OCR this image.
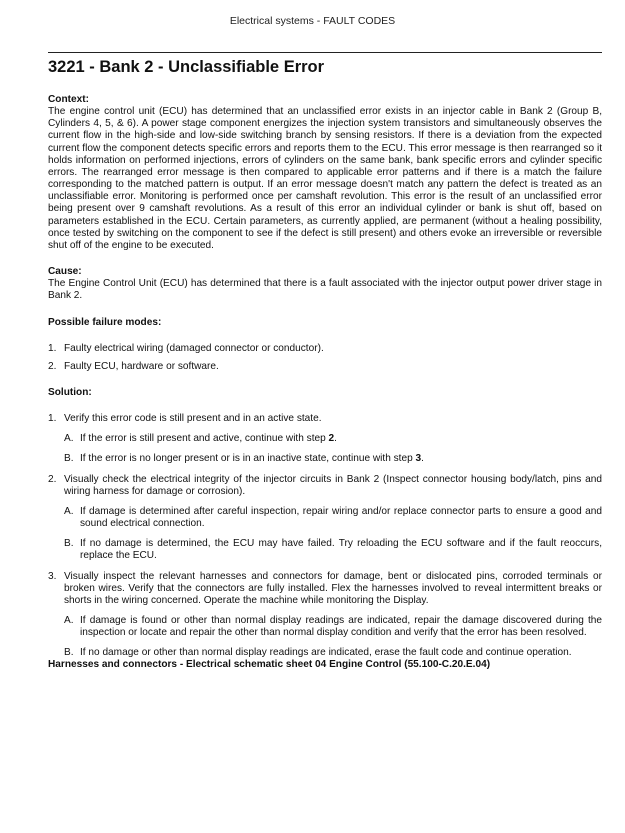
Electrical systems - FAULT CODES
3221 - Bank 2 - Unclassifiable Error

Context:

The engine control unit (ECU) has determined that an unclassified error exists in an injector cable in Bank 2 (Group B, Cylinders 4, 5, & 6). A power stage component energizes the injection system transistors and simultaneously observes the current flow in the high-side and low-side switching branch by sensing resistors. If there is a deviation from the expected current flow the component detects specific errors and reports them to the ECU. This error message is then rearranged so it holds information on performed injections, errors of cylinders on the same bank, bank specific errors and cylinder specific errors. The rearranged error message is then compared to applicable error patterns and if there is a match the failure corresponding to the matched pattern is output. If an error message doesn't match any pattern the defect is treated as an unclassifiable error. Monitoring is performed once per camshaft revolution. This error is the result of an unclassified error being present over 9 camshaft revolutions. As a result of this error an individual cylinder or bank is shut off, based on parameters established in the ECU. Certain parameters, as currently applied, are permanent (without a healing possibility, once tested by switching on the component to see if the defect is still present) and others evoke an irreversible or reversible shut off of the engine to be executed.

Cause:

The Engine Control Unit (ECU) has determined that there is a fault associated with the injector output power driver stage in Bank 2.

Possible failure modes:

1. Faulty electrical wiring (damaged connector or conductor).
2. Faulty ECU, hardware or software.

Solution:

1. Verify this error code is still present and in an active state.
A. If the error is still present and active, continue with step 2.
B. If the error is no longer present or is in an inactive state, continue with step 3.
2. Visually check the electrical integrity of the injector circuits in Bank 2 (Inspect connector housing body/latch, pins and wiring harness for damage or corrosion).
A. If damage is determined after careful inspection, repair wiring and/or replace connector parts to ensure a good and sound electrical connection.
B. If no damage is determined, the ECU may have failed. Try reloading the ECU software and if the fault reoccurs, replace the ECU.
3. Visually inspect the relevant harnesses and connectors for damage, bent or dislocated pins, corroded terminals or broken wires. Verify that the connectors are fully installed. Flex the harnesses involved to reveal intermittent breaks or shorts in the wiring concerned. Operate the machine while monitoring the Display.
A. If damage is found or other than normal display readings are indicated, repair the damage discovered during the inspection or locate and repair the other than normal display condition and verify that the error has been resolved.
B. If no damage or other than normal display readings are indicated, erase the fault code and continue operation.

Harnesses and connectors - Electrical schematic sheet 04 Engine Control (55.100-C.20.E.04)
